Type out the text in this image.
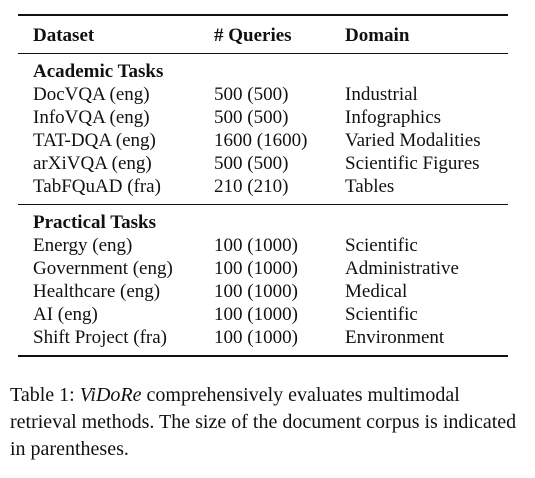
Dataset	# Queries	Domain
Academic Tasks		
DocVQA (eng)	500 (500)	Industrial
InfoVQA (eng)	500 (500)	Infographics
TAT-DQA (eng)	1600 (1600)	Varied Modalities
arXiVQA (eng)	500 (500)	Scientific Figures
TabFQuAD (fra)	210 (210)	Tables
Practical Tasks		
Energy (eng)	100 (1000)	Scientific
Government (eng)	100 (1000)	Administrative
Healthcare (eng)	100 (1000)	Medical
AI (eng)	100 (1000)	Scientific
Shift Project (fra)	100 (1000)	Environment

Table 1: ViDoRe comprehensively evaluates multimodal retrieval methods. The size of the document corpus is indicated in parentheses.
